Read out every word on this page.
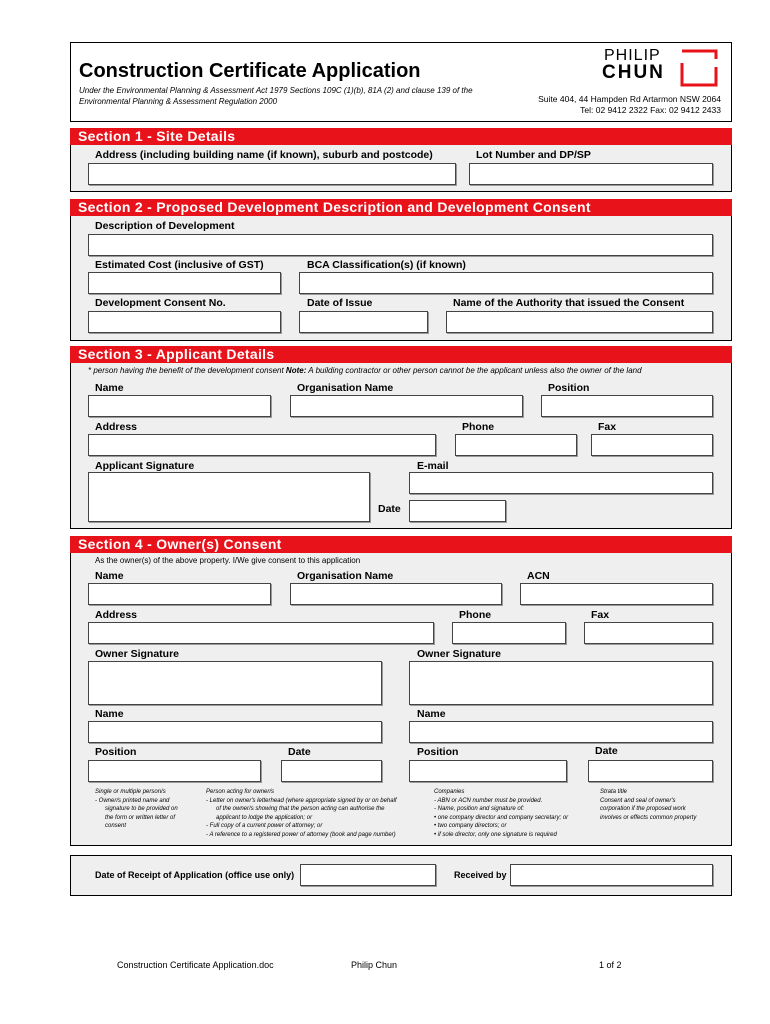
Construction Certificate Application
Under the Environmental Planning & Assessment Act 1979 Sections 109C (1)(b), 81A (2) and clause 139 of the
Environmental Planning & Assessment Regulation 2000
PHILIP
CHUN
Suite 404, 44 Hampden Rd Artarmon NSW 2064
Tel: 02 9412 2322 Fax: 02 9412 2433
Section 1 - Site Details
Address (including building name (if known), suburb and postcode)	Lot Number and DP/SP
Section 2 - Proposed Development Description and Development Consent
Description of Development
Estimated Cost (inclusive of GST)	BCA Classification(s) (if known)
Development Consent No.	Date of Issue	Name of the Authority that issued the Consent
Section 3 - Applicant Details
* person having the benefit of the development consent Note: A building contractor or other person cannot be the applicant unless also the owner of the land
Name	Organisation Name	Position
Address	Phone	Fax
Applicant Signature	E-mail
Date
Section 4 - Owner(s) Consent
As the owner(s) of the above property. I/We give consent to this application
Name	Organisation Name	ACN
Address	Phone	Fax
Owner Signature	Owner Signature
Name	Name
Position	Date	Position	Date
Single or multiple person/s
- Owner/s printed name and
signature to be provided on
the form or written letter of
consent
Person acting for owner/s
- Letter on owner's letterhead (where appropriate signed by or on behalf
of the owner/s showing that the person acting can authorise the
applicant to lodge the application; or
- Full copy of a current power of attorney; or
- A reference to a registered power of attorney (book and page number)
Companies
- ABN or ACN number must be provided.
- Name, position and signature of:
• one company director and company secretary; or
• two company directors; or
• if sole director, only one signature is required
Strata title
Consent and seal of owner's
corporation if the proposed work
involves or effects common property
Date of Receipt of Application (office use only)	Received by
Construction Certificate Application.doc	Philip Chun	1 of 2
